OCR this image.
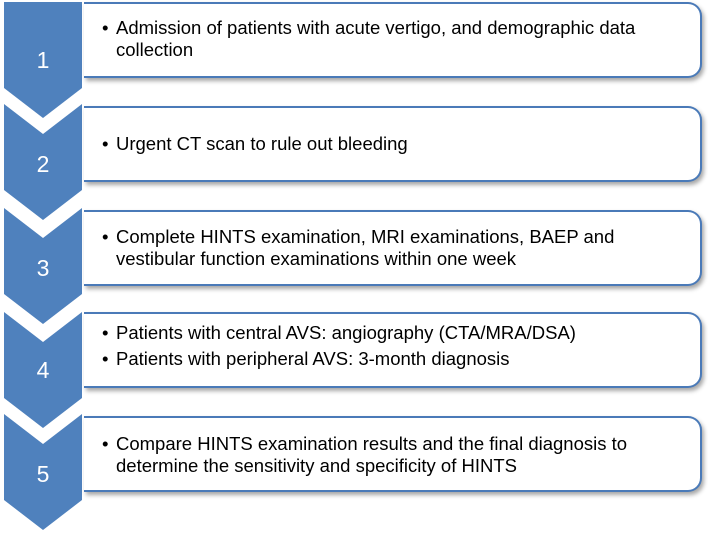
1
• Admission of patients with acute vertigo, and demographic data collection
2
• Urgent CT scan to rule out bleeding
3
• Complete HINTS examination, MRI examinations, BAEP and vestibular function examinations within one week
4
• Patients with central AVS: angiography (CTA/MRA/DSA)
• Patients with peripheral AVS: 3-month diagnosis
5
• Compare HINTS examination results and the final diagnosis to determine the sensitivity and specificity of HINTS
